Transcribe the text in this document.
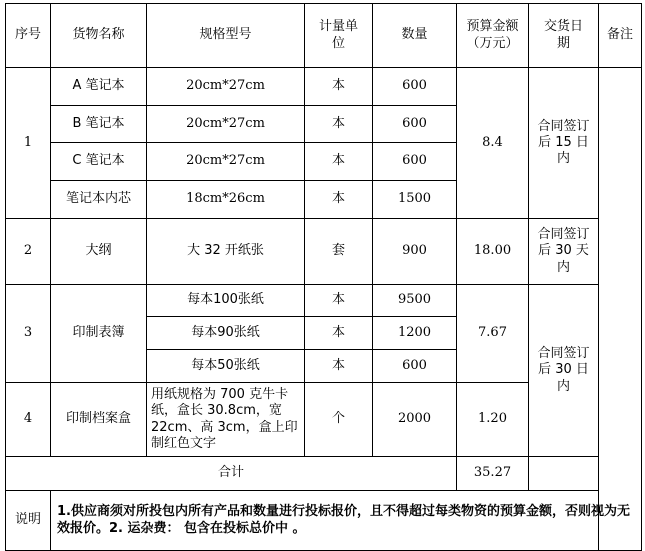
序号	货物名称	规格型号	计量单位	数量	预算金额（万元）	交货日期	备注
1	A 笔记本	20cm*27cm	本	600	8.4	合同签订后 15 日内	
	B 笔记本	20cm*27cm	本	600			
	C 笔记本	20cm*27cm	本	600			
	笔记本内芯	18cm*26cm	本	1500			
2	大纲	大 32 开纸张	套	900	18.00	合同签订后 30 天内	
3	印制表簿	每本100张纸	本	9500	7.67	合同签订后 30 日内	
		每本90张纸	本	1200			
		每本50张纸	本	600			
4	印制档案盒	用纸规格为 700 克牛卡纸，盒长 30.8cm，宽 22cm、高 3cm，盒上印制红色文字	个	2000	1.20		
合计					35.27		
说明	1.供应商须对所投包内所有产品和数量进行投标报价，且不得超过每类物资的预算金额，否则视为无效报价。2. 运杂费： 包含在投标总价中 。						
